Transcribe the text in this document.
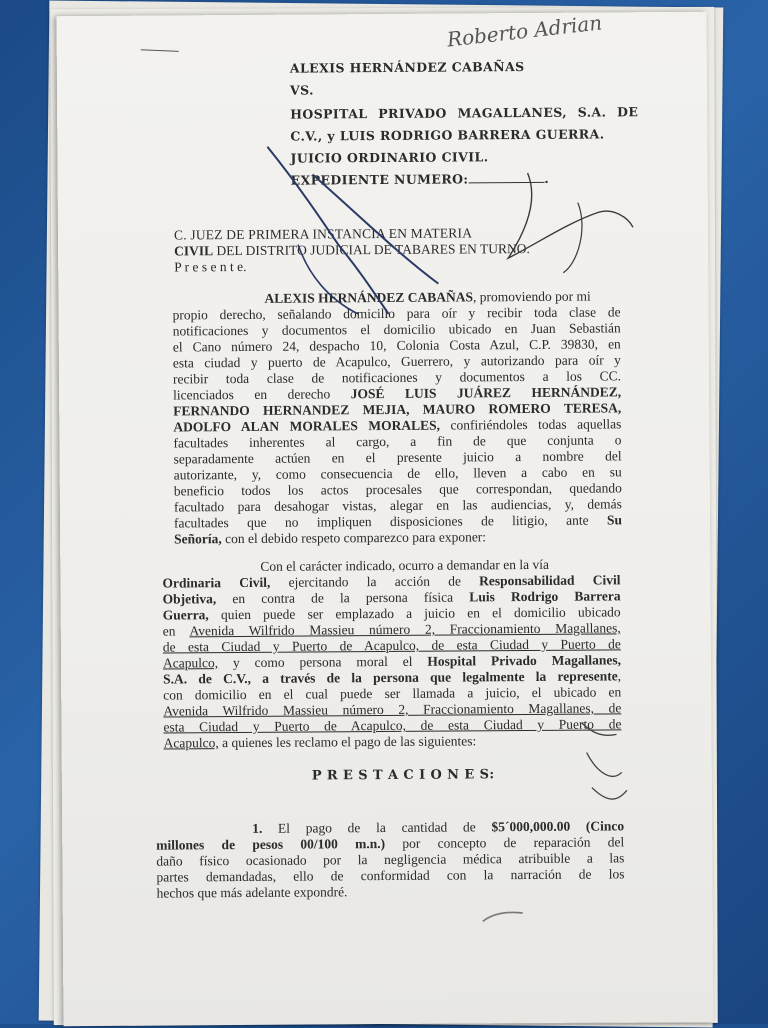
ALEXIS HERNÁNDEZ CABAÑAS
VS.
HOSPITAL PRIVADO MAGALLANES, S.A. DE
C.V., y LUIS RODRIGO BARRERA GUERRA.
JUICIO ORDINARIO CIVIL.
EXPEDIENTE NUMERO:	.
Roberto Adrian
C. JUEZ DE PRIMERA INSTANCIA EN MATERIA
CIVIL DEL DISTRITO JUDICIAL DE TABARES EN TURNO.
P r e s e n t e.
ALEXIS HERNÁNDEZ CABAÑAS, promoviendo por mi
propio derecho, señalando domicilio para oír y recibir toda clase de
notificaciones y documentos el domicilio ubicado en Juan Sebastián
el Cano número 24, despacho 10, Colonia Costa Azul, C.P. 39830, en
esta ciudad y puerto de Acapulco, Guerrero, y autorizando para oír y
recibir toda clase de notificaciones y documentos a los CC.
licenciados en derecho JOSÉ LUIS JUÁREZ HERNÁNDEZ,
FERNANDO HERNANDEZ MEJIA, MAURO ROMERO TERESA,
ADOLFO ALAN MORALES MORALES, confiriéndoles todas aquellas
facultades inherentes al cargo, a fin de que conjunta o
separadamente actúen en el presente juicio a nombre del
autorizante, y, como consecuencia de ello, lleven a cabo en su
beneficio todos los actos procesales que correspondan, quedando
facultado para desahogar vistas, alegar en las audiencias, y, demás
facultades que no impliquen disposiciones de litigio, ante Su
Señoría, con el debido respeto comparezco para exponer:
Con el carácter indicado, ocurro a demandar en la vía
Ordinaria Civil, ejercitando la acción de Responsabilidad Civil
Objetiva, en contra de la persona física Luis Rodrigo Barrera
Guerra, quien puede ser emplazado a juicio en el domicilio ubicado
en Avenida Wilfrido Massieu número 2, Fraccionamiento Magallanes,
de esta Ciudad y Puerto de Acapulco, de esta Ciudad y Puerto de
Acapulco, y como persona moral el Hospital Privado Magallanes,
S.A. de C.V., a través de la persona que legalmente la represente,
con domicilio en el cual puede ser llamada a juicio, el ubicado en
Avenida Wilfrido Massieu número 2, Fraccionamiento Magallanes, de
esta Ciudad y Puerto de Acapulco, de esta Ciudad y Puerto de
Acapulco, a quienes les reclamo el pago de las siguientes:
P R E S T A C I O N E S:
1. El pago de la cantidad de $5´000,000.00 (Cinco
millones de pesos 00/100 m.n.) por concepto de reparación del
daño físico ocasionado por la negligencia médica atribuible a las
partes demandadas, ello de conformidad con la narración de los
hechos que más adelante expondré.
